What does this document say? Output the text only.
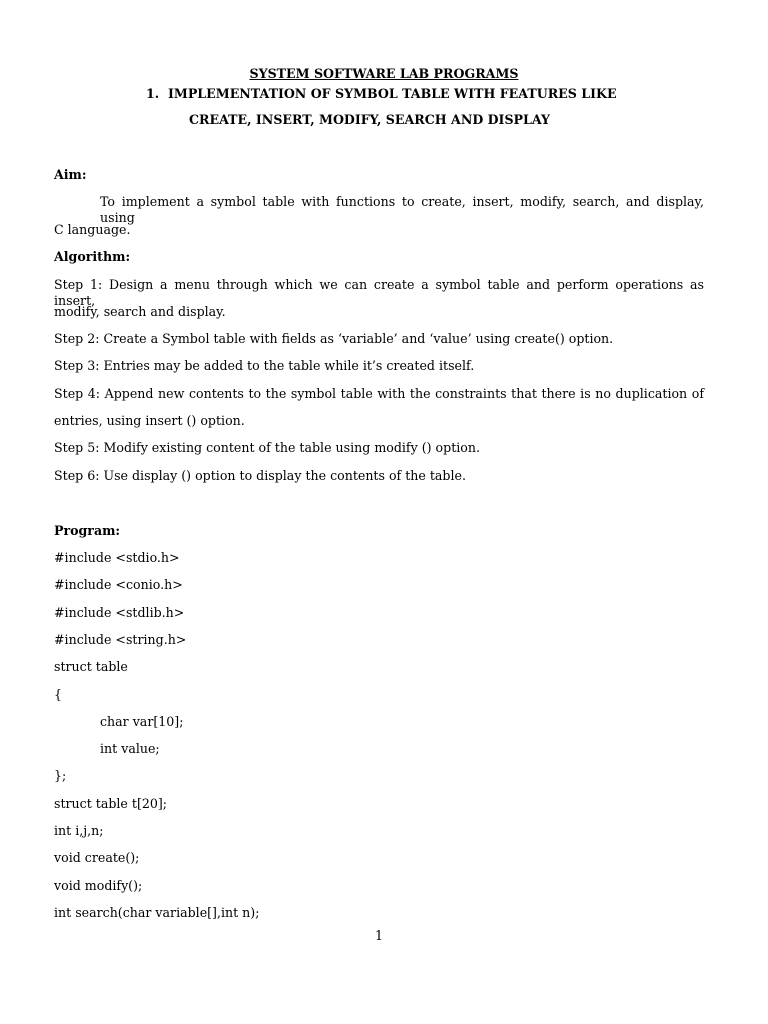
SYSTEM SOFTWARE LAB PROGRAMS
1. IMPLEMENTATION OF SYMBOL TABLE WITH FEATURES LIKE
CREATE, INSERT, MODIFY, SEARCH AND DISPLAY
Aim:
To implement a symbol table with functions to create, insert, modify, search, and display, using
C language.
Algorithm:
Step 1: Design a menu through which we can create a symbol table and perform operations as insert,
modify, search and display.
Step 2: Create a Symbol table with fields as ‘variable’ and ‘value’ using create() option.
Step 3: Entries may be added to the table while it’s created itself.
Step 4: Append new contents to the symbol table with the constraints that there is no duplication of
entries, using insert () option.
Step 5: Modify existing content of the table using modify () option.
Step 6: Use display () option to display the contents of the table.
Program:
#include <stdio.h>
#include <conio.h>
#include <stdlib.h>
#include <string.h>
struct table
{
char var[10];
int value;
};
struct table t[20];
int i,j,n;
void create();
void modify();
int search(char variable[],int n);
1
